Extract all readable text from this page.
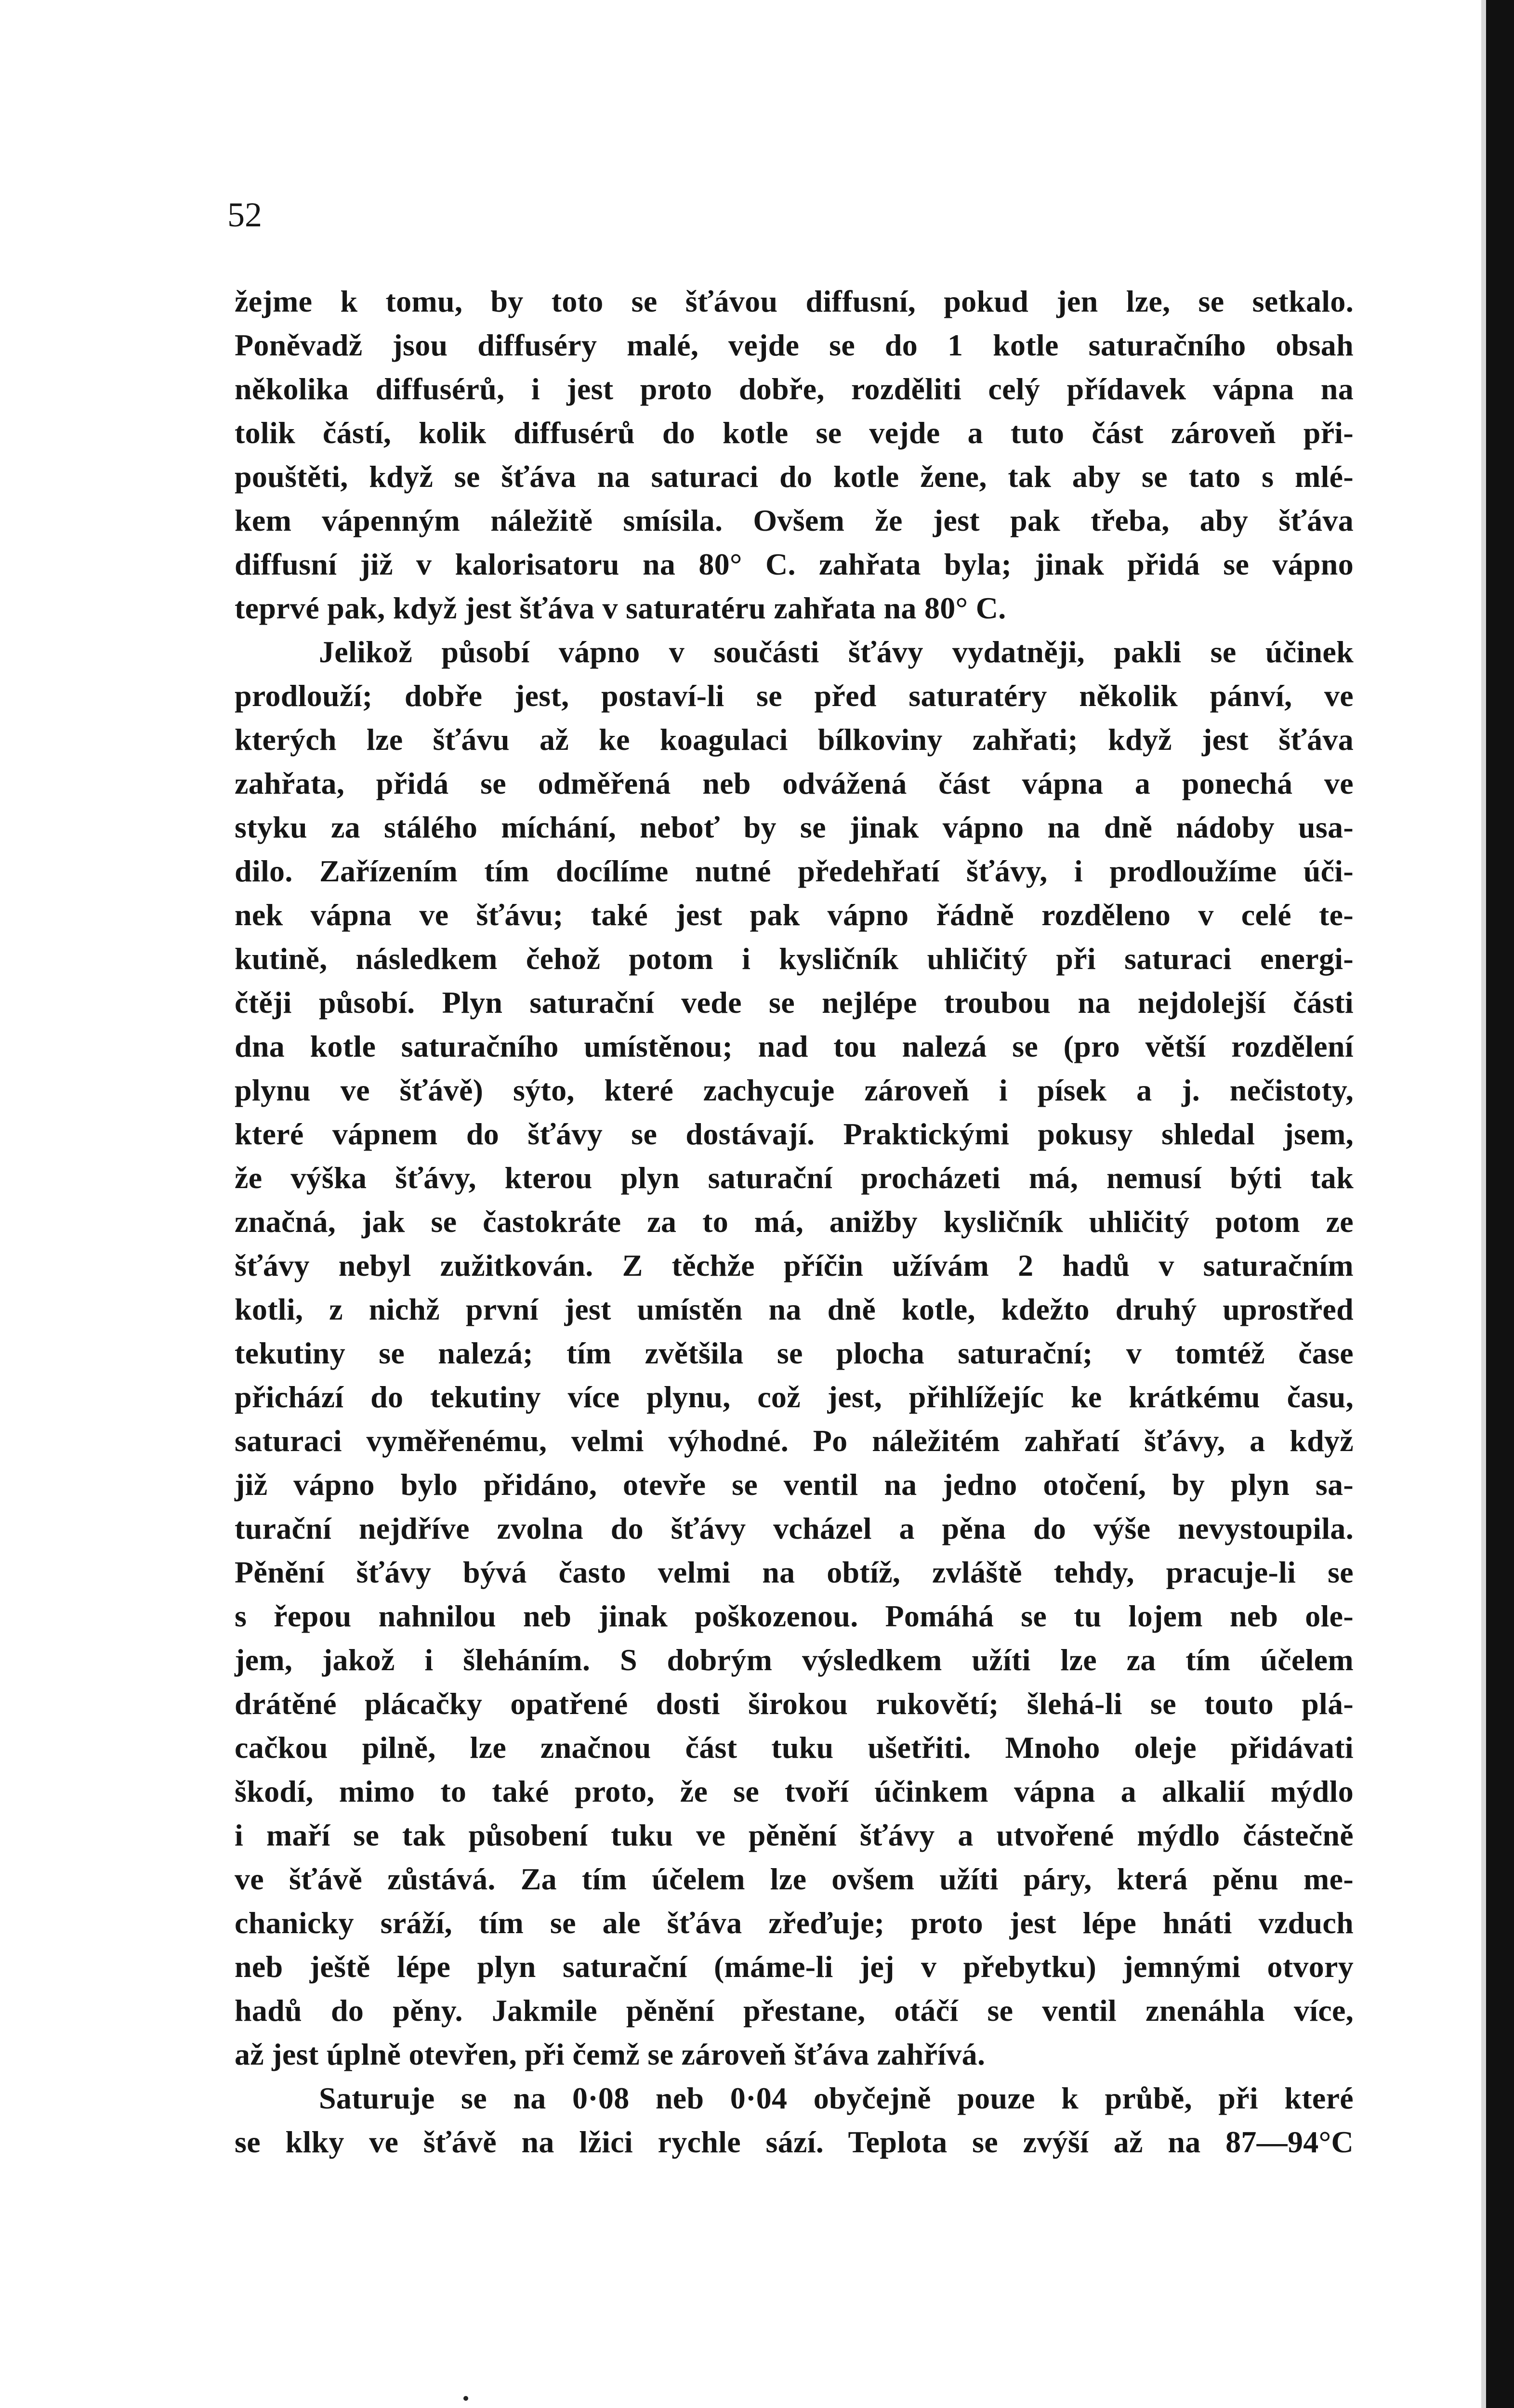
52
žejme k tomu, by toto se šťávou diffusní, pokud jen lze, se setkalo.
Poněvadž jsou diffuséry malé, vejde se do 1 kotle saturačního obsah
několika diffusérů, i jest proto dobře, rozděliti celý přídavek vápna na
tolik částí, kolik diffusérů do kotle se vejde a tuto část zároveň při-
pouštěti, když se šťáva na saturaci do kotle žene, tak aby se tato s mlé-
kem vápenným náležitě smísila. Ovšem že jest pak třeba, aby šťáva
diffusní již v kalorisatoru na 80° C. zahřata byla; jinak přidá se vápno
teprvé pak, když jest šťáva v saturatéru zahřata na 80° C.
Jelikož působí vápno v součásti šťávy vydatněji, pakli se účinek
prodlouží; dobře jest, postaví-li se před saturatéry několik pánví, ve
kterých lze šťávu až ke koagulaci bílkoviny zahřati; když jest šťáva
zahřata, přidá se odměřená neb odvážená část vápna a ponechá ve
styku za stálého míchání, neboť by se jinak vápno na dně nádoby usa-
dilo. Zařízením tím docílíme nutné předehřatí šťávy, i prodloužíme úči-
nek vápna ve šťávu; také jest pak vápno řádně rozděleno v celé te-
kutině, následkem čehož potom i kysličník uhličitý při saturaci energi-
čtěji působí. Plyn saturační vede se nejlépe troubou na nejdolejší části
dna kotle saturačního umístěnou; nad tou nalezá se (pro větší rozdělení
plynu ve šťávě) sýto, které zachycuje zároveň i písek a j. nečistoty,
které vápnem do šťávy se dostávají. Praktickými pokusy shledal jsem,
že výška šťávy, kterou plyn saturační procházeti má, nemusí býti tak
značná, jak se častokráte za to má, anižby kysličník uhličitý potom ze
šťávy nebyl zužitkován. Z těchže příčin užívám 2 hadů v saturačním
kotli, z nichž první jest umístěn na dně kotle, kdežto druhý uprostřed
tekutiny se nalezá; tím zvětšila se plocha saturační; v tomtéž čase
přichází do tekutiny více plynu, což jest, přihlížejíc ke krátkému času,
saturaci vyměřenému, velmi výhodné. Po náležitém zahřatí šťávy, a když
již vápno bylo přidáno, otevře se ventil na jedno otočení, by plyn sa-
turační nejdříve zvolna do šťávy vcházel a pěna do výše nevystoupila.
Pěnění šťávy bývá často velmi na obtíž, zvláště tehdy, pracuje-li se
s řepou nahnilou neb jinak poškozenou. Pomáhá se tu lojem neb ole-
jem, jakož i šleháním. S dobrým výsledkem užíti lze za tím účelem
drátěné plácačky opatřené dosti širokou rukovětí; šlehá-li se touto plá-
cačkou pilně, lze značnou část tuku ušetřiti. Mnoho oleje přidávati
škodí, mimo to také proto, že se tvoří účinkem vápna a alkalií mýdlo
i maří se tak působení tuku ve pěnění šťávy a utvořené mýdlo částečně
ve šťávě zůstává. Za tím účelem lze ovšem užíti páry, která pěnu me-
chanicky sráží, tím se ale šťáva zřeďuje; proto jest lépe hnáti vzduch
neb ještě lépe plyn saturační (máme-li jej v přebytku) jemnými otvory
hadů do pěny. Jakmile pěnění přestane, otáčí se ventil znenáhla více,
až jest úplně otevřen, při čemž se zároveň šťáva zahřívá.
Saturuje se na 0·08 neb 0·04 obyčejně pouze k průbě, při které
se klky ve šťávě na lžici rychle sází. Teplota se zvýší až na 87—94°C
